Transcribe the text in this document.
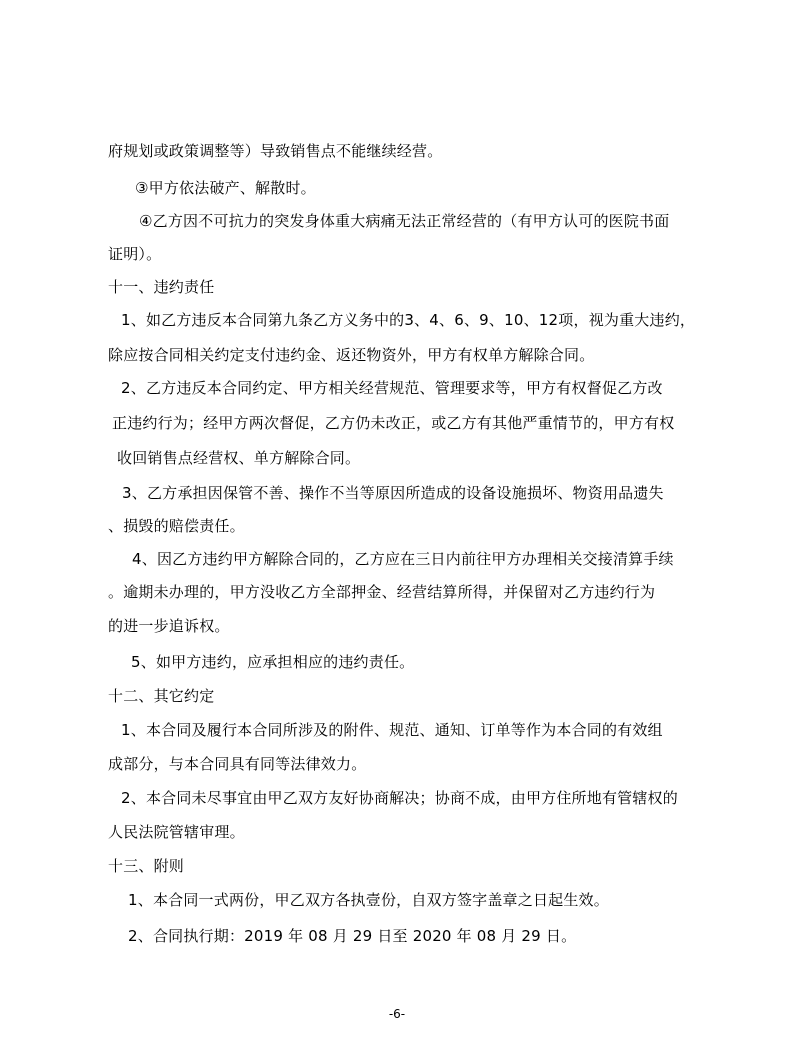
府规划或政策调整等）导致销售点不能继续经营。
③甲方依法破产、解散时。
④乙方因不可抗力的突发身体重大病痛无法正常经营的（有甲方认可的医院书面
证明）。
十一、违约责任
1、如乙方违反本合同第九条乙方义务中的3、4、6、9、10、12项，视为重大违约，
除应按合同相关约定支付违约金、返还物资外，甲方有权单方解除合同。
2、乙方违反本合同约定、甲方相关经营规范、管理要求等，甲方有权督促乙方改
正违约行为；经甲方两次督促，乙方仍未改正，或乙方有其他严重情节的，甲方有权
收回销售点经营权、单方解除合同。
3、乙方承担因保管不善、操作不当等原因所造成的设备设施损坏、物资用品遗失
、损毁的赔偿责任。
4、因乙方违约甲方解除合同的，乙方应在三日内前往甲方办理相关交接清算手续
。逾期未办理的，甲方没收乙方全部押金、经营结算所得，并保留对乙方违约行为
的进一步追诉权。
5、如甲方违约，应承担相应的违约责任。
十二、其它约定
1、本合同及履行本合同所涉及的附件、规范、通知、订单等作为本合同的有效组
成部分，与本合同具有同等法律效力。
2、本合同未尽事宜由甲乙双方友好协商解决；协商不成，由甲方住所地有管辖权的
人民法院管辖审理。
十三、附则
1、本合同一式两份，甲乙双方各执壹份，自双方签字盖章之日起生效。
2、合同执行期：2019 年 08 月 29 日至 2020 年 08 月 29 日。
-6-
